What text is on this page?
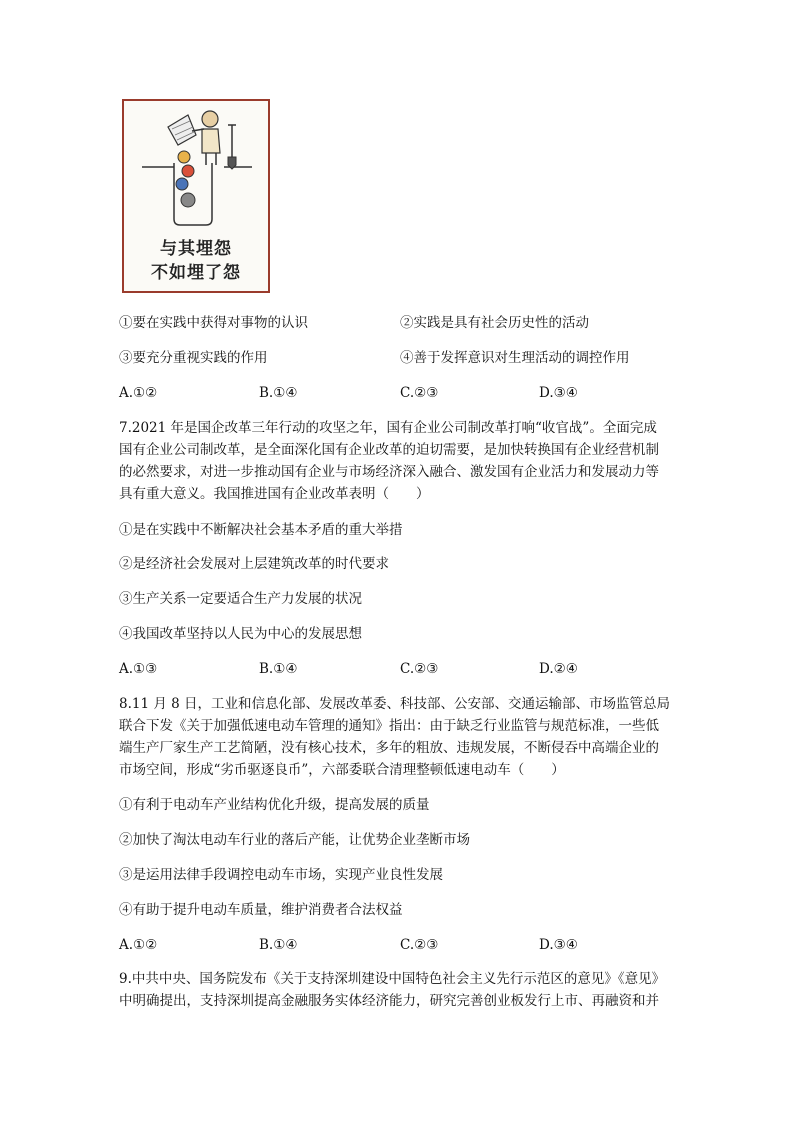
与其埋怨
不如埋了怨
①要在实践中获得对事物的认识	②实践是具有社会历史性的活动
③要充分重视实践的作用	④善于发挥意识对生理活动的调控作用
A.①②	B.①④	C.②③	D.③④
7.2021 年是国企改革三年行动的攻坚之年，国有企业公司制改革打响“收官战”。全面完成
国有企业公司制改革，是全面深化国有企业改革的迫切需要，是加快转换国有企业经营机制
的必然要求，对进一步推动国有企业与市场经济深入融合、激发国有企业活力和发展动力等
具有重大意义。我国推进国有企业改革表明（　　）
①是在实践中不断解决社会基本矛盾的重大举措
②是经济社会发展对上层建筑改革的时代要求
③生产关系一定要适合生产力发展的状况
④我国改革坚持以人民为中心的发展思想
A.①③	B.①④	C.②③	D.②④
8.11 月 8 日，工业和信息化部、发展改革委、科技部、公安部、交通运输部、市场监管总局
联合下发《关于加强低速电动车管理的通知》指出：由于缺乏行业监管与规范标准，一些低
端生产厂家生产工艺简陋，没有核心技术，多年的粗放、违规发展，不断侵吞中高端企业的
市场空间，形成“劣币驱逐良币”，六部委联合清理整顿低速电动车（　　）
①有利于电动车产业结构优化升级，提高发展的质量
②加快了淘汰电动车行业的落后产能，让优势企业垄断市场
③是运用法律手段调控电动车市场，实现产业良性发展
④有助于提升电动车质量，维护消费者合法权益
A.①②	B.①④	C.②③	D.③④
9.中共中央、国务院发布《关于支持深圳建设中国特色社会主义先行示范区的意见》《意见》
中明确提出，支持深圳提高金融服务实体经济能力，研究完善创业板发行上市、再融资和并
